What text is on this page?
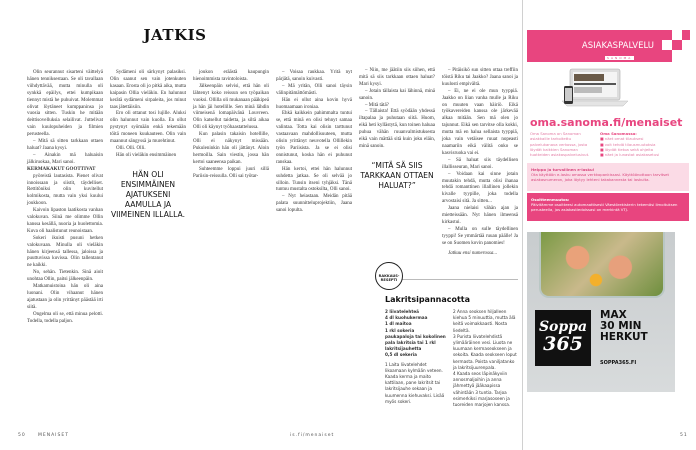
JATKIS

Olin seurannut sisarteni väittelyä hänen tenniksestaan. Se oli tavallaan viihdyttävää, mutta minulla oli synkkä epäilys, ettei kumpikaan tiennyt mistä he puhuivat. Molemmat olivat löytäneet kumppaninsa jo vuosia sitten. Tuskin he mitään deittisovelluksia selailivat. Juttelivat vain kuulopuheiden ja filmien perusteella.

– Mitä sä sitten tarkkaan ottaen haluat? Jaana kysyi.

– Ainakin mä haluaisin jälkiruokaa, Mari sanoi.

KERMAKAKUT GOOTTIVAT

pyöreistä lautasista. Pienet olivat innoissaan ja siistit, täydelliset. Rettitöniksi olin kuvitellut kolmikosta, mutta vain yksi kuului joukkoon.

Kaivoin lipaston laatikosta vanhan valokuvan. Siinä me olimme Ollin kanssa kesällä, nuoria ja huolettomia. Kuva oli haalistunut reunoistaan.

Sokeri ikuisti pusuni hetken valokuvaan. Minulla oli vieläkin hänen kirjeensä tallessa, jaloissa ja puuttuvissa kuvissa. Olin tallentanut ne kaikki.

No, sehän. Tietenkin. Sinä aioit unohtaa Ollin, paitsi jälkeenpäin.

Matkamuistoina hän oli aina luonani. Olin vihaanut hänen ajatustaan ja olin yrittänyt päästää irti siitä.

Ongelma oli se, että minua pelotti. Todella, todella paljon.

Sydämeni oli särkynyt palasiksi. Olin saanut sen vain jotenkuten kasaan. Erosta oli jo pitkä aika, mutta kaipasin Ollia vieläkin. En halunnut kerätä sydämeni sirpaleita, jos minut taas jätettäisiin.

Ero oli ottanut tosi lujille. Aluksi olin halunnut vain kuolla. En ollut pystynyt syömään enkä tekemään töitä moneen kuukauteen. Olin vain maannut sängyssä ja murehtinut.

Olli. Olli. Olli.

Hän oli vieläkin ensimmäinen

HÄN OLI ENSIMMÄINEN AJATUKSENI AAMULLA JA VIIMEINEN ILLALLA.

joukon eräästä kaupungin hienoimmista ravintoloista.

Jälkeenpäin selvisi, että hän oli lähtenyt koko reissun sen työpaikan vuoksi. Ollilla oli mukanaan pääkipeä ja hän jäi hotellille. Sen minä lähdin viimeisenä lomapäivänä Louvreen. Olin katsellut taidetta, ja siltä aikaa Olli oli käynyt työhaastattelussa.

Kun palasin takaisin hotellille, Olli ei näkynyt missään. Pukuleninkin hän oli jättänyt. Aloin hermoilla. Sain viestin, jossa hän kertoi saaneensa paikan.

Suhteemme loppui juuri sillä Pariisin-reissulla. Olli sai työtar-

– Voisaa raukkaa. Yritä nyt pärjätä, sanoin kuivasti.

– Mä yritän, Olli sanoi täysin välinpitämättömästi.

Hän ei ollut aina kovin hyvä huomaamaan ironiaa.

Ehkä kaikkein pahimmalta tuntui se, että minä en olisi tehnyt samaa valintaa. Totta kai olisin tarttunut vastaavaan mahdollisuuteen, mutta olisin yrittänyt neuvotella Ollillekin työn Pariisista. Ja se ei olisi onnistunut, koska hän ei puhunut ranskaa.

Hän kertoi, ettei hän halunnut suhdetta jatkaa. Se oli selvää jo silloin. Tunsin itseni tyhjäksi. Tänä tuntuu mustalta ostoksilta, Olli sanoi.

– Nyt heiastaan. Meidän pitää palata suunnitteluprojektiin, Jaana sanoi lopulta.

– Niin, me jäätiin siis siihen, että mitä sä siis tarkkaan ottaen haluat? Mari kysyi.

– Jotain tällaista kai lähinnä, minä sanoin.

– Mitä tätä?

– Tällaista! Että syödään yhdessä iltapalaa ja puhutaan siitä. Huom, eikä heti kyllästytä, kun toinen haluaa puhua vähän ruuanvalmistuksesta eikä vain mättää sitä kuin joku eläin, minä sanoin.

“MITÄ SÄ SIIS TARKKAAN OTTAEN HALUAT?”

– Pitäisikö sun sitten ottaa treffiin töistä Riku tai Jaakko? Jaana sanoi ja kuulosti empivältä.

– Ei, ne ei ole mun tyyppiä. Jaakko on liian vanha mulle ja Riku on muuten vaan häiriö. Eikä työkavereiden kanssa ole järkevää alkaa mitään. Sen mä olen jo tajunnut. Eikä sen tarvitse olla kokki, mutta mä en halua sellaista tyyppiä, joka vain vetäisee ruuat nopeasti naamariin eikä välitä onko se kasvisruoka vai ei.

– Sä haluat siis täydellisen illallisseuran, Mari sanoi.

– Voidaan kai sinne jotain muutakin tehdä, mutta olisi ihanaa tehdä romanttinen illallinen jollekin kivalle tyypille, joka todella arvostaisi sitä. Ja sitten...

Jaana nielaisi vähän ajan ja mietteissään. Nyt hänen ilmeensä kirkastui.

– Mulla on sulle täydellinen tyyppi! Se ymmärtää ruuan päälle! Ja se on Suomen kovin panomies!

Jatkuu ensi numerossa...

RAKKAUS-RESEPTI
Lakritsipannacotta
2 liivatelehteä
4 dl kuohukermaa
1 dl maitoa
1 rkl sokeria
paukapaloja tai kokolinen pala lakritsia tai 1 rkl lakritsijauhetta
0,5 dl sekeria
1 Laita liivatelehdet likoamaan kylmään veteen. Kaada kerma ja maito kattilaan, pane lakritsit tai lakritsijauhe sekaan ja kuumenna kiehuvaksi. Lisää myös sokeri.
2 Anna seoksen hiljalleen kiehua 5 minuuttia, mutta älä keitä voimakkaasti. Nosta liedeltä.
3 Purista liivatelehdistä ylimääräinen vesi. Liuota ne kuumaan kermaseokseen ja sekoita. Kaada seokseen loput kermasta. Poista vaniljatanko ja lakritsijuurenpala.
4 Kaada seos läpinäkyviin annosmaljoihin ja anna jähmettyä jääkaapissa vähintään 3 tuntia. Tarjoa esimerkiksi marjasoseen ja tuoreiden marjojen kanssa.
50	MENAISET	is.fi/menaiset	51
ASIAKASPALVELU
SANOMA
oma.sanoma.fi/menaiset
Oma Sanoma on Sanoman asiakkaille tarkoitettu palvelukanava verkossa, josta löydät kaikkien Sanoman tuotteiden asiakaspalvelusivut.
Oma Sanomassa:
■ näet omat tilauksesi
■ voit tehdä tilausmuutoksia
■ löydät tietoa sekä ohjeita
■ näet ja lunastat asiakasetusi
Helppo ja turvallinen e-lasku!
Ota käyttöön e-lasku omassa verkkopankissasi. Käyttöönottoon tarvitset asiakasnumeron, joka löytyy lehteni takakannesta tai laskulta.
Osoitteenmuutos:
Päivitämme osoitteesi automaattisesti Väestörekisterin tekemäsi ilmoituksen perusteella, jos asiakastiedoissasi on merkintä VTJ.
Soppa
365
MAX
30 MIN
HERKUT
SOPPA365.FI
